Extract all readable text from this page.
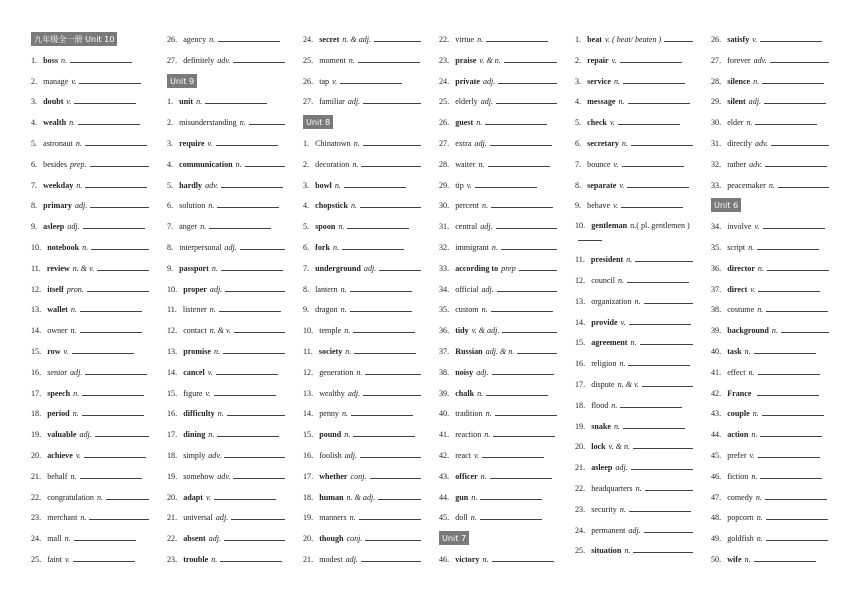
九年级全一册 Unit 10
1. boss n.
2. manage v.
3. doubt v.
4. wealth n.
5. astronaut n.
6. besides prep.
7. weekday n.
8. primary adj.
9. asleep adj.
10. notebook n.
11. review n. & v.
12. itself pron.
13. wallet n.
14. owner n.
15. row v.
16. senior adj.
17. speech n.
18. period n.
19. valuable adj.
20. achieve v.
21. behalf n.
22. congratulation n.
23. merchant n.
24. mall n.
25. faint v.
26. agency n.
27. definitely adv.
Unit 9
1. unit n.
2. misunderstanding n.
3. require v.
4. communication n.
5. hardly adv.
6. solution n.
7. anger n.
8. interpersonal adj.
9. passport n.
10. proper adj.
11. listener n.
12. contact n. & v.
13. promise n.
14. cancel v.
15. figure v.
16. difficulty n.
17. dining n.
18. simply adv.
19. somehow adv.
20. adapt v.
21. universal adj.
22. absent adj.
23. trouble n.
24. secret n. & adj.
25. moment n.
26. tap v.
27. familiar adj.
Unit 8
1. Chinatown n.
2. decoration n.
3. bowl n.
4. chopstick n.
5. spoon n.
6. fork n.
7. underground adj.
8. lantern n.
9. dragon n.
10. temple n.
11. society n.
12. generation n.
13. wealthy adj.
14. penny n.
15. pound n.
16. foolish adj.
17. whether conj.
18. human n. & adj.
19. manners n.
20. though conj.
21. modest adj.
22. virtue n.
23. praise v. & n.
24. private adj.
25. elderly adj.
26. guest n.
27. extra adj.
28. waiter n.
29. tip v.
30. percent n.
31. central adj.
32. immigrant n.
33. according to prep
34. official adj.
35. custom n.
36. tidy v. & adj.
37. Russian adj. & n.
38. noisy adj.
39. chalk n.
40. tradition n.
41. reaction n.
42. react v.
43. officer n.
44. gun n.
45. doll n.
Unit 7
46. victory n.
1. beat v. ( beat/ beaten )
2. repair v.
3. service n.
4. message n.
5. check v.
6. secretary n.
7. bounce v.
8. separate v.
9. behave v.
10. gentleman n.( pl. gentlemen )
11. president n.
12. council n.
13. organization n.
14. provide v.
15. agreement n.
16. religion n.
17. dispute n. & v.
18. flood n.
19. snake n.
20. lock v. & n.
21. asleep adj.
22. headquarters n.
23. security n.
24. permanent adj.
25. situation n.
26. satisfy v.
27. forever adv.
28. silence n.
29. silent adj.
30. elder n.
31. directly adv.
32. rather adv.
33. peacemaker n.
Unit 6
34. involve v.
35. script n.
36. director n.
37. direct v.
38. costume n.
39. background n.
40. task n.
41. effect n.
42. France
43. couple n.
44. action n.
45. prefer v.
46. fiction n.
47. comedy n.
48. popcorn n.
49. goldfish n.
50. wife n.
